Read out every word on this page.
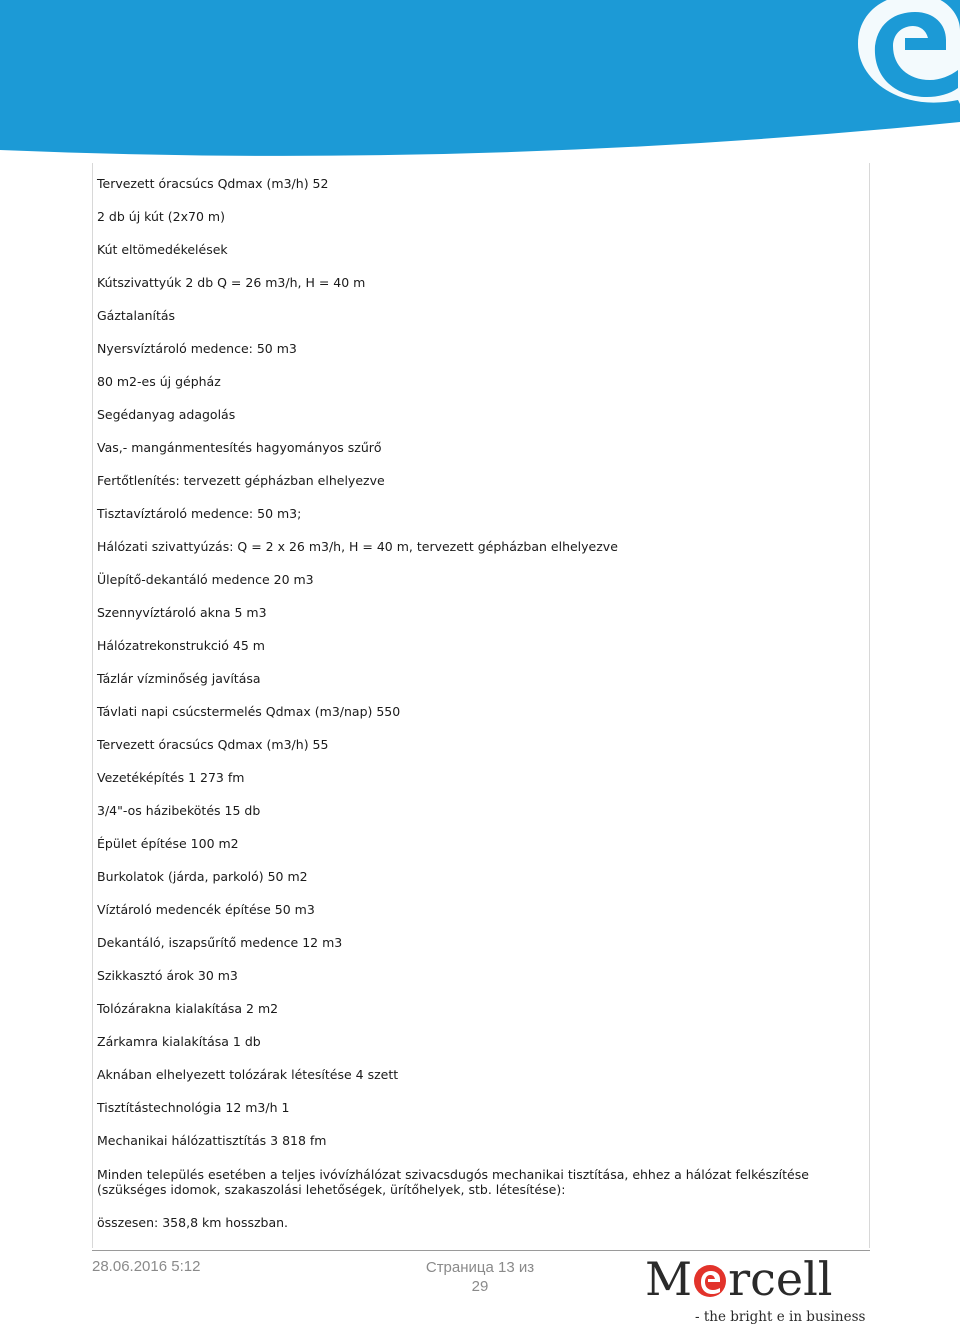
Tervezett óracsúcs Qdmax (m3/h) 52

2 db új kút (2x70 m)

Kút eltömedékelések

Kútszivattyúk 2 db Q = 26 m3/h, H = 40 m

Gáztalanítás

Nyersvíztároló medence: 50 m3

80 m2-es új gépház

Segédanyag adagolás

Vas,- mangánmentesítés hagyományos szűrő

Fertőtlenítés: tervezett gépházban elhelyezve

Tisztavíztároló medence: 50 m3;

Hálózati szivattyúzás: Q = 2 x 26 m3/h, H = 40 m, tervezett gépházban elhelyezve

Ülepítő-dekantáló medence 20 m3

Szennyvíztároló akna 5 m3

Hálózatrekonstrukció 45 m

Tázlár vízminőség javítása

Távlati napi csúcstermelés Qdmax (m3/nap) 550

Tervezett óracsúcs Qdmax (m3/h) 55

Vezetéképítés 1 273 fm

3/4"-os házibekötés 15 db

Épület építése 100 m2

Burkolatok (járda, parkoló) 50 m2

Víztároló medencék építése 50 m3

Dekantáló, iszapsűrítő medence 12 m3

Szikkasztó árok 30 m3

Tolózárakna kialakítása 2 m2

Zárkamra kialakítása 1 db

Aknában elhelyezett tolózárak létesítése 4 szett

Tisztítástechnológia 12 m3/h 1

Mechanikai hálózattisztítás 3 818 fm

Minden település esetében a teljes ivóvízhálózat szivacsdugós mechanikai tisztítása, ehhez a hálózat felkészítése (szükséges idomok, szakaszolási lehetőségek, ürítőhelyek, stb. létesítése):

összesen: 358,8 km hosszban.

28.06.2016 5:12	Страница 13 из
29	M rcell
- the bright e in business
